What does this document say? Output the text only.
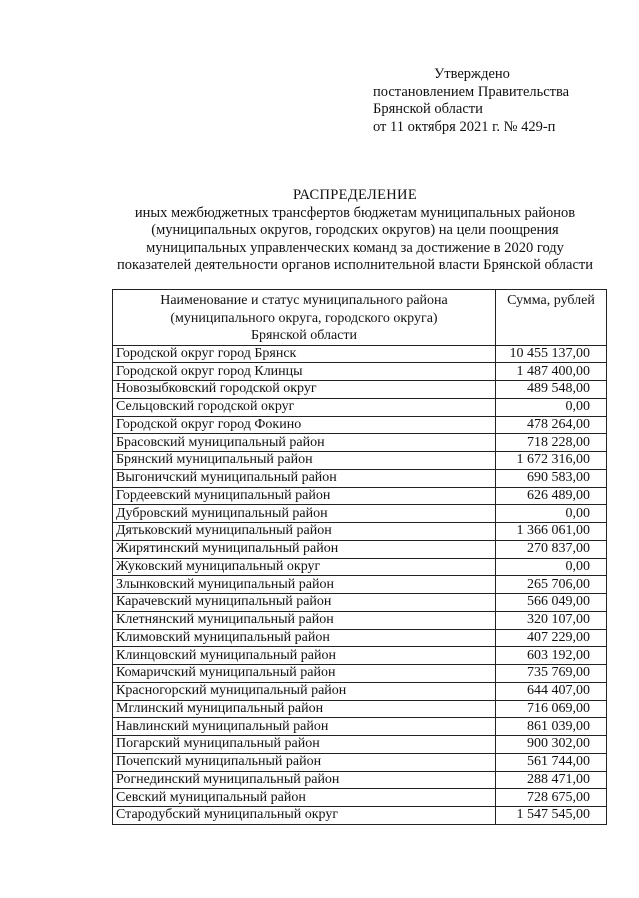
Утверждено
постановлением Правительства
Брянской области
от 11 октября 2021 г. № 429-п
РАСПРЕДЕЛЕНИЕ
иных межбюджетных трансфертов бюджетам муниципальных районов
(муниципальных округов, городских округов) на цели поощрения
муниципальных управленческих команд за достижение в 2020 году
показателей деятельности органов исполнительной власти Брянской области
Наименование и статус муниципального района
(муниципального округа, городского округа)
Брянской области	Сумма, рублей
Городской округ город Брянск	10 455 137,00
Городской округ город Клинцы	1 487 400,00
Новозыбковский городской округ	489 548,00
Сельцовский городской округ	0,00
Городской округ город Фокино	478 264,00
Брасовский муниципальный район	718 228,00
Брянский муниципальный район	1 672 316,00
Выгоничский муниципальный район	690 583,00
Гордеевский муниципальный район	626 489,00
Дубровский муниципальный район	0,00
Дятьковский муниципальный район	1 366 061,00
Жирятинский муниципальный район	270 837,00
Жуковский муниципальный округ	0,00
Злынковский муниципальный район	265 706,00
Карачевский муниципальный район	566 049,00
Клетнянский муниципальный район	320 107,00
Климовский муниципальный район	407 229,00
Клинцовский муниципальный район	603 192,00
Комаричский муниципальный район	735 769,00
Красногорский муниципальный район	644 407,00
Мглинский муниципальный район	716 069,00
Навлинский муниципальный район	861 039,00
Погарский муниципальный район	900 302,00
Почепский муниципальный район	561 744,00
Рогнединский муниципальный район	288 471,00
Севский муниципальный район	728 675,00
Стародубский муниципальный округ	1 547 545,00
